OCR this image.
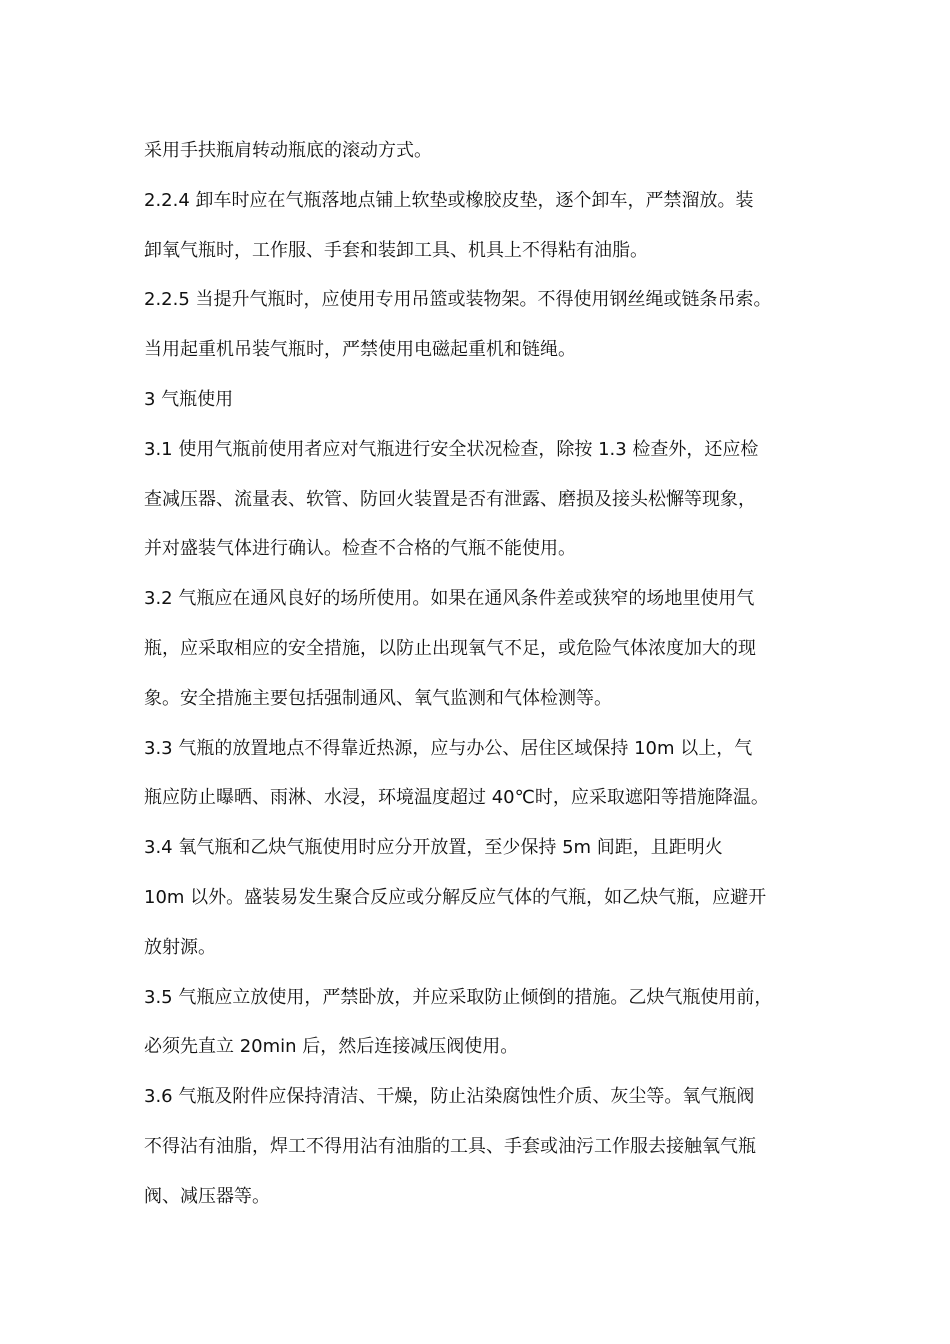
采用手扶瓶肩转动瓶底的滚动方式。
2.2.4 卸车时应在气瓶落地点铺上软垫或橡胶皮垫，逐个卸车，严禁溜放。装
卸氧气瓶时，工作服、手套和装卸工具、机具上不得粘有油脂。
2.2.5 当提升气瓶时，应使用专用吊篮或装物架。不得使用钢丝绳或链条吊索。
当用起重机吊装气瓶时，严禁使用电磁起重机和链绳。
3 气瓶使用
3.1 使用气瓶前使用者应对气瓶进行安全状况检查，除按 1.3 检查外，还应检
查减压器、流量表、软管、防回火装置是否有泄露、磨损及接头松懈等现象，
并对盛装气体进行确认。检查不合格的气瓶不能使用。
3.2 气瓶应在通风良好的场所使用。如果在通风条件差或狭窄的场地里使用气
瓶，应采取相应的安全措施，以防止出现氧气不足，或危险气体浓度加大的现
象。安全措施主要包括强制通风、氧气监测和气体检测等。
3.3 气瓶的放置地点不得靠近热源，应与办公、居住区域保持 10m 以上，气
瓶应防止曝晒、雨淋、水浸，环境温度超过 40℃时，应采取遮阳等措施降温。
3.4 氧气瓶和乙炔气瓶使用时应分开放置，至少保持 5m 间距，且距明火
10m 以外。盛装易发生聚合反应或分解反应气体的气瓶，如乙炔气瓶，应避开
放射源。
3.5 气瓶应立放使用，严禁卧放，并应采取防止倾倒的措施。乙炔气瓶使用前，
必须先直立 20min 后，然后连接减压阀使用。
3.6 气瓶及附件应保持清洁、干燥，防止沾染腐蚀性介质、灰尘等。氧气瓶阀
不得沾有油脂，焊工不得用沾有油脂的工具、手套或油污工作服去接触氧气瓶
阀、减压器等。
